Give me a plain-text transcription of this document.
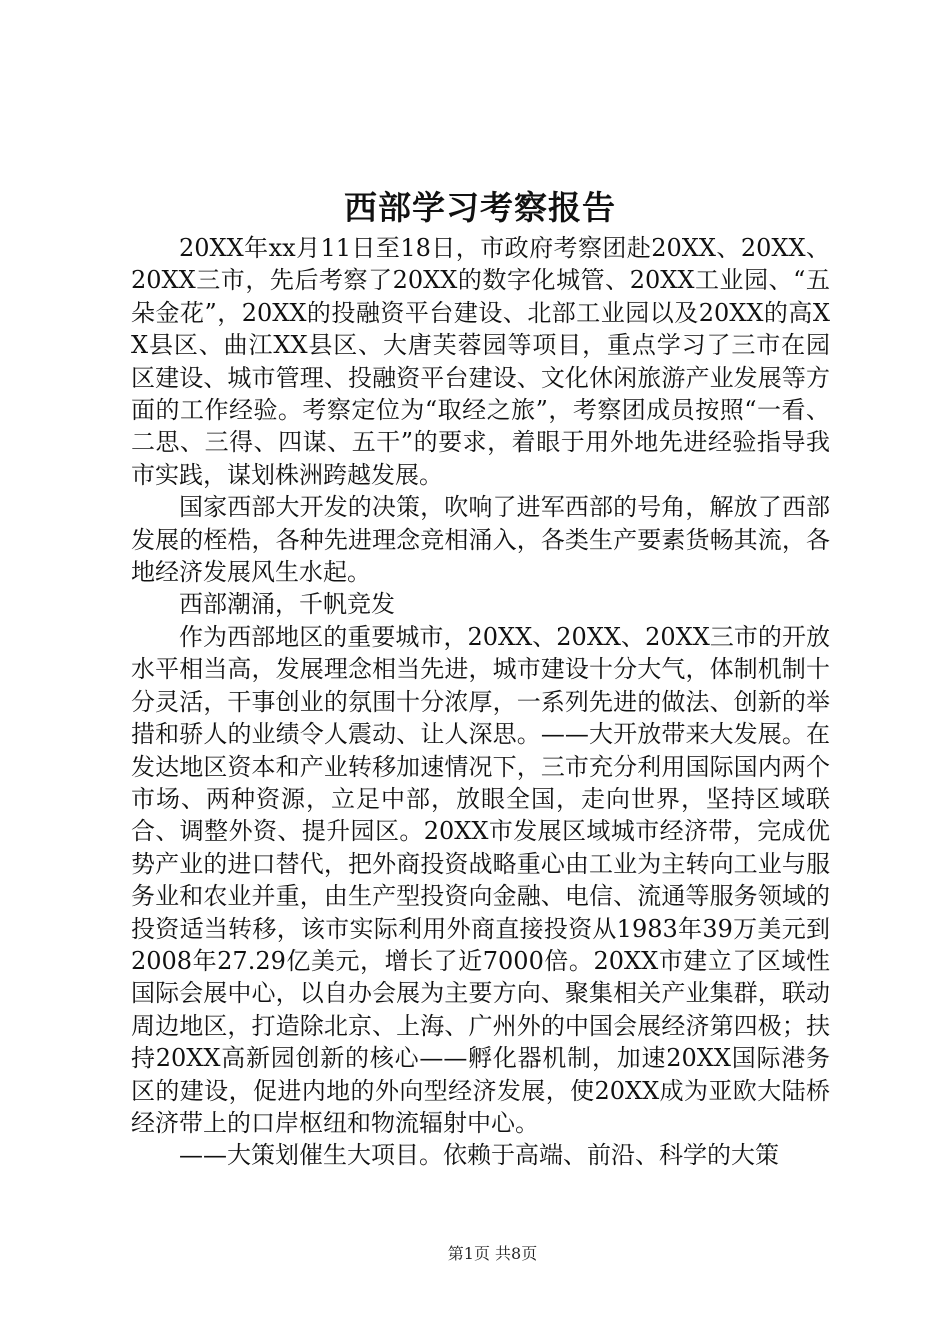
西部学习考察报告

20XX年xx月11日至18日，市政府考察团赴20XX、20XX、20XX三市，先后考察了20XX的数字化城管、20XX工业园、“五朵金花”，20XX的投融资平台建设、北部工业园以及20XX的高XX县区、曲江XX县区、大唐芙蓉园等项目，重点学习了三市在园区建设、城市管理、投融资平台建设、文化休闲旅游产业发展等方面的工作经验。考察定位为“取经之旅”，考察团成员按照“一看、二思、三得、四谋、五干”的要求，着眼于用外地先进经验指导我市实践，谋划株洲跨越发展。

国家西部大开发的决策，吹响了进军西部的号角，解放了西部发展的桎梏，各种先进理念竞相涌入，各类生产要素货畅其流，各地经济发展风生水起。

西部潮涌，千帆竞发

作为西部地区的重要城市，20XX、20XX、20XX三市的开放水平相当高，发展理念相当先进，城市建设十分大气，体制机制十分灵活，干事创业的氛围十分浓厚，一系列先进的做法、创新的举措和骄人的业绩令人震动、让人深思。——大开放带来大发展。在发达地区资本和产业转移加速情况下，三市充分利用国际国内两个市场、两种资源，立足中部，放眼全国，走向世界，坚持区域联合、调整外资、提升园区。20XX市发展区域城市经济带，完成优势产业的进口替代，把外商投资战略重心由工业为主转向工业与服务业和农业并重，由生产型投资向金融、电信、流通等服务领域的投资适当转移，该市实际利用外商直接投资从1983年39万美元到2008年27.29亿美元，增长了近7000倍。20XX市建立了区域性国际会展中心，以自办会展为主要方向、聚集相关产业集群，联动周边地区，打造除北京、上海、广州外的中国会展经济第四极；扶持20XX高新园创新的核心——孵化器机制，加速20XX国际港务区的建设，促进内地的外向型经济发展，使20XX成为亚欧大陆桥经济带上的口岸枢纽和物流辐射中心。

——大策划催生大项目。依赖于高端、前沿、科学的大策

第1页 共8页
